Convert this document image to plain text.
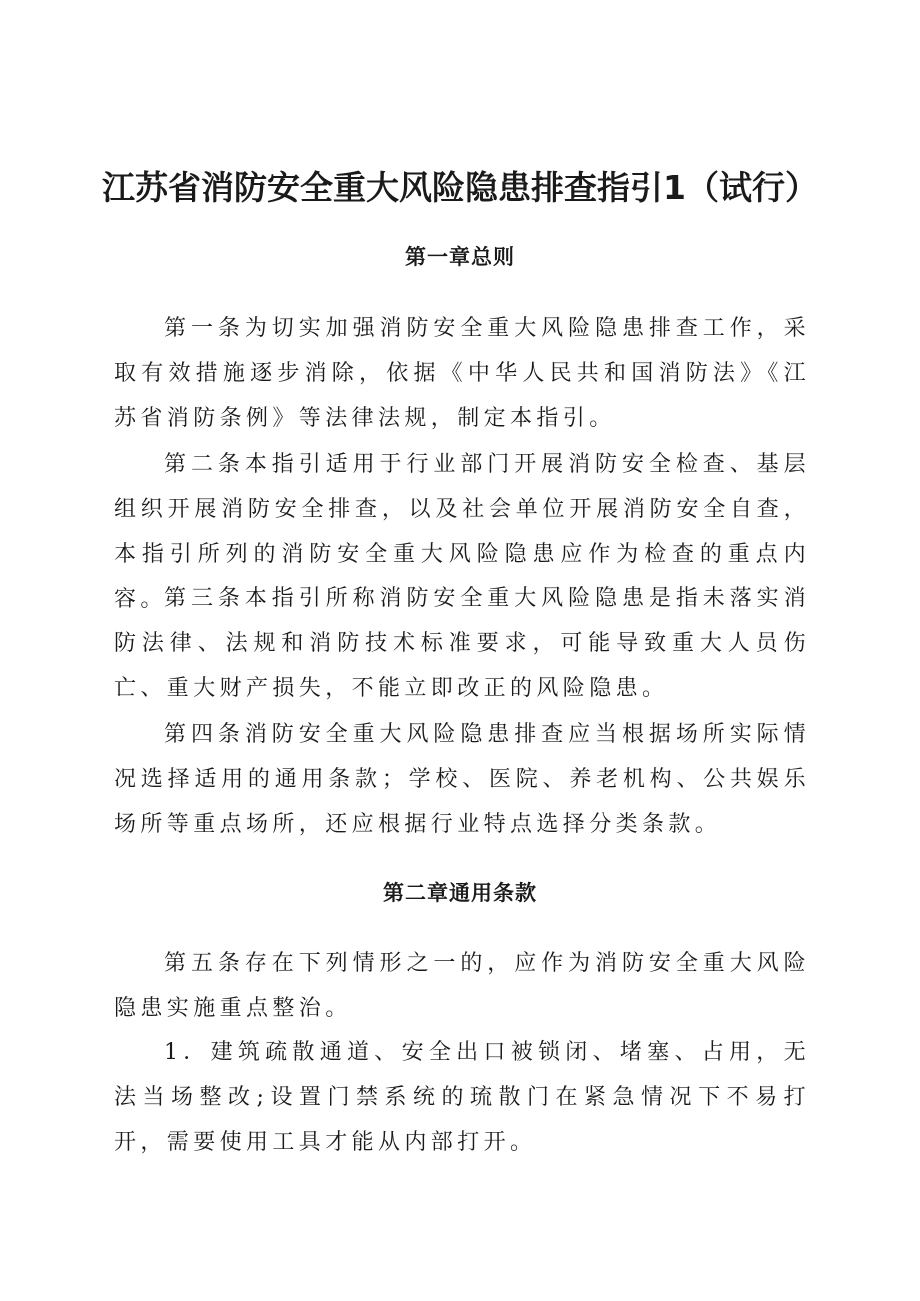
江苏省消防安全重大风险隐患排查指引1（试行）
第一章总则

第一条为切实加强消防安全重大风险隐患排查工作，采取有效措施逐步消除，依据《中华人民共和国消防法》《江苏省消防条例》等法律法规，制定本指引。

第二条本指引适用于行业部门开展消防安全检查、基层组织开展消防安全排查，以及社会单位开展消防安全自查，本指引所列的消防安全重大风险隐患应作为检查的重点内容。

第三条本指引所称消防安全重大风险隐患是指未落实消防法律、法规和消防技术标准要求，可能导致重大人员伤亡、重大财产损失，不能立即改正的风险隐患。

第四条消防安全重大风险隐患排查应当根据场所实际情况选择适用的通用条款；学校、医院、养老机构、公共娱乐场所等重点场所，还应根据行业特点选择分类条款。

第二章通用条款

第五条存在下列情形之一的，应作为消防安全重大风险隐患实施重点整治。

1．建筑疏散通道、安全出口被锁闭、堵塞、占用，无法当场整改;设置门禁系统的琉散门在紧急情况下不易打开，需要使用工具才能从内部打开。
